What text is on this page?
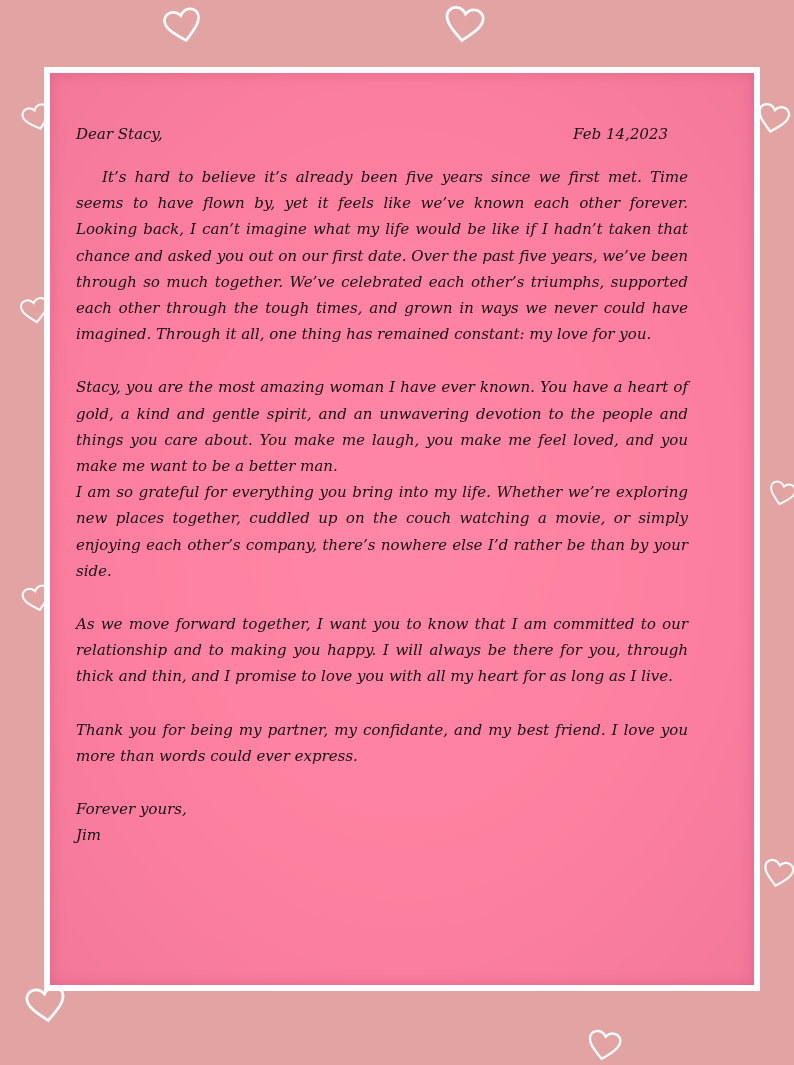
Dear Stacy,	Feb 14,2023

It’s hard to believe it’s already been five years since we first met. Time seems to have flown by, yet it feels like we’ve known each other forever. Looking back, I can’t imagine what my life would be like if I hadn’t taken that chance and asked you out on our first date. Over the past five years, we’ve been through so much together. We’ve celebrated each other’s triumphs, supported each other through the tough times, and grown in ways we never could have imagined. Through it all, one thing has remained constant: my love for you.

Stacy, you are the most amazing woman I have ever known. You have a heart of gold, a kind and gentle spirit, and an unwavering devotion to the people and things you care about. You make me laugh, you make me feel loved, and you make me want to be a better man.

I am so grateful for everything you bring into my life. Whether we’re exploring new places together, cuddled up on the couch watching a movie, or simply enjoying each other’s company, there’s nowhere else I’d rather be than by your side.

As we move forward together, I want you to know that I am committed to our relationship and to making you happy. I will always be there for you, through thick and thin, and I promise to love you with all my heart for as long as I live.

Thank you for being my partner, my confidante, and my best friend. I love you more than words could ever express.

Forever yours,

Jim
